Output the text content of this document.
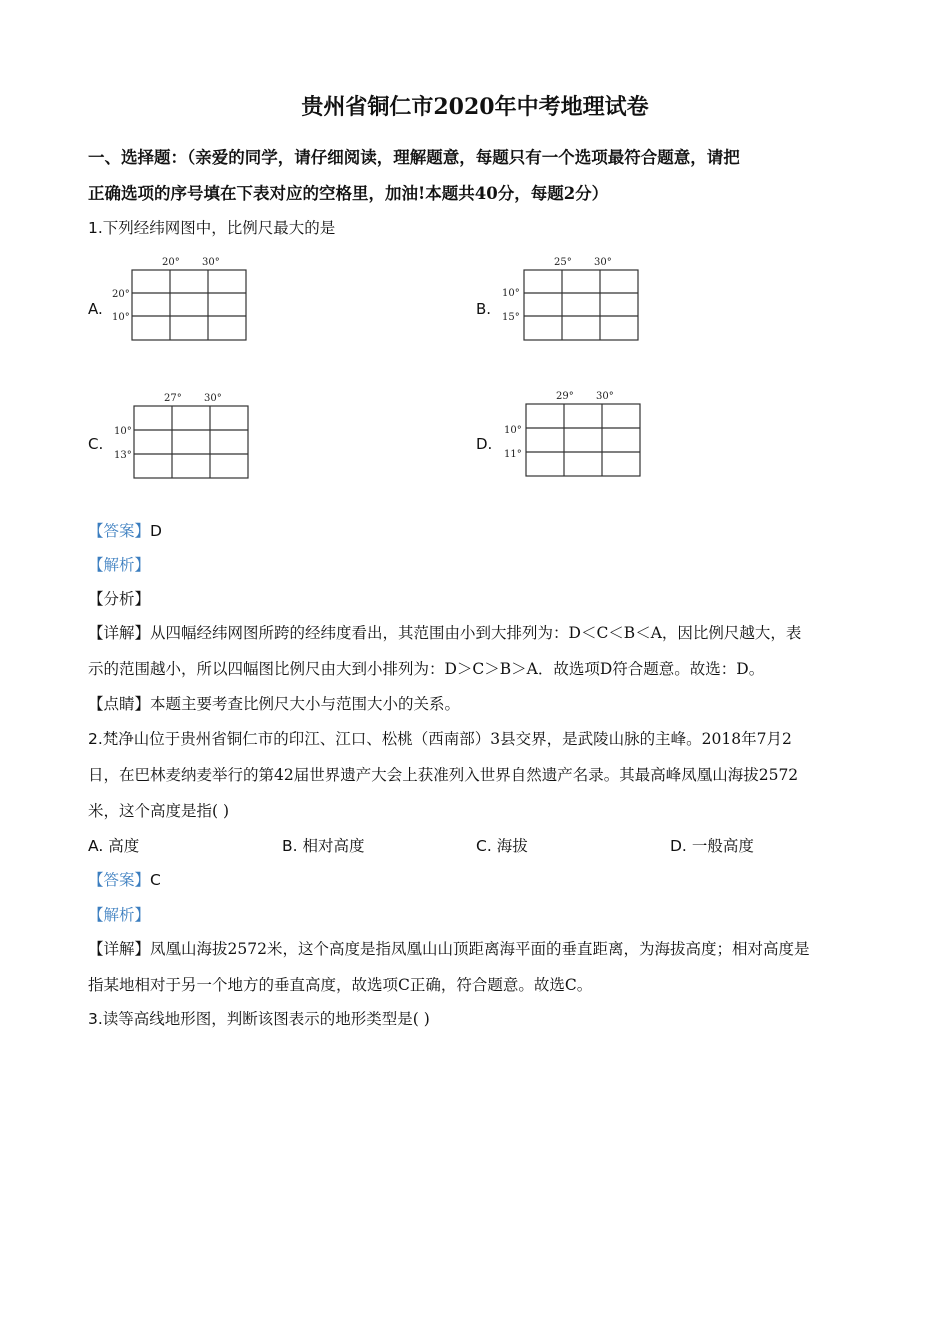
贵州省铜仁市2020年中考地理试卷
一、选择题：（亲爱的同学，请仔细阅读，理解题意，每题只有一个选项最符合题意，请把
正确选项的序号填在下表对应的空格里，加油!本题共40分，每题2分）
1.下列经纬网图中，比例尺最大的是
A.
20° 30°
20°
10°	B.
25° 30°
10°
15°
C.
27° 30°
10°
13°
D.
29° 30°
10°
11°
【答案】D
【解析】
【分析】
【详解】从四幅经纬网图所跨的经纬度看出，其范围由小到大排列为：D＜C＜B＜A，因比例尺越大，表
示的范围越小，所以四幅图比例尺由大到小排列为：D＞C＞B＞A．故选项D符合题意。故选：D。
【点睛】本题主要考查比例尺大小与范围大小的关系。
2.梵净山位于贵州省铜仁市的印江、江口、松桃（西南部）3县交界，是武陵山脉的主峰。2018年7月2
日，在巴林麦纳麦举行的第42届世界遗产大会上获准列入世界自然遗产名录。其最高峰凤凰山海拔2572
米，这个高度是指( )
A. 高度	B. 相对高度	C. 海拔	D. 一般高度
【答案】C
【解析】
【详解】凤凰山海拔2572米，这个高度是指凤凰山山顶距离海平面的垂直距离，为海拔高度；相对高度是
指某地相对于另一个地方的垂直高度，故选项C正确，符合题意。故选C。
3.读等高线地形图，判断该图表示的地形类型是( )
